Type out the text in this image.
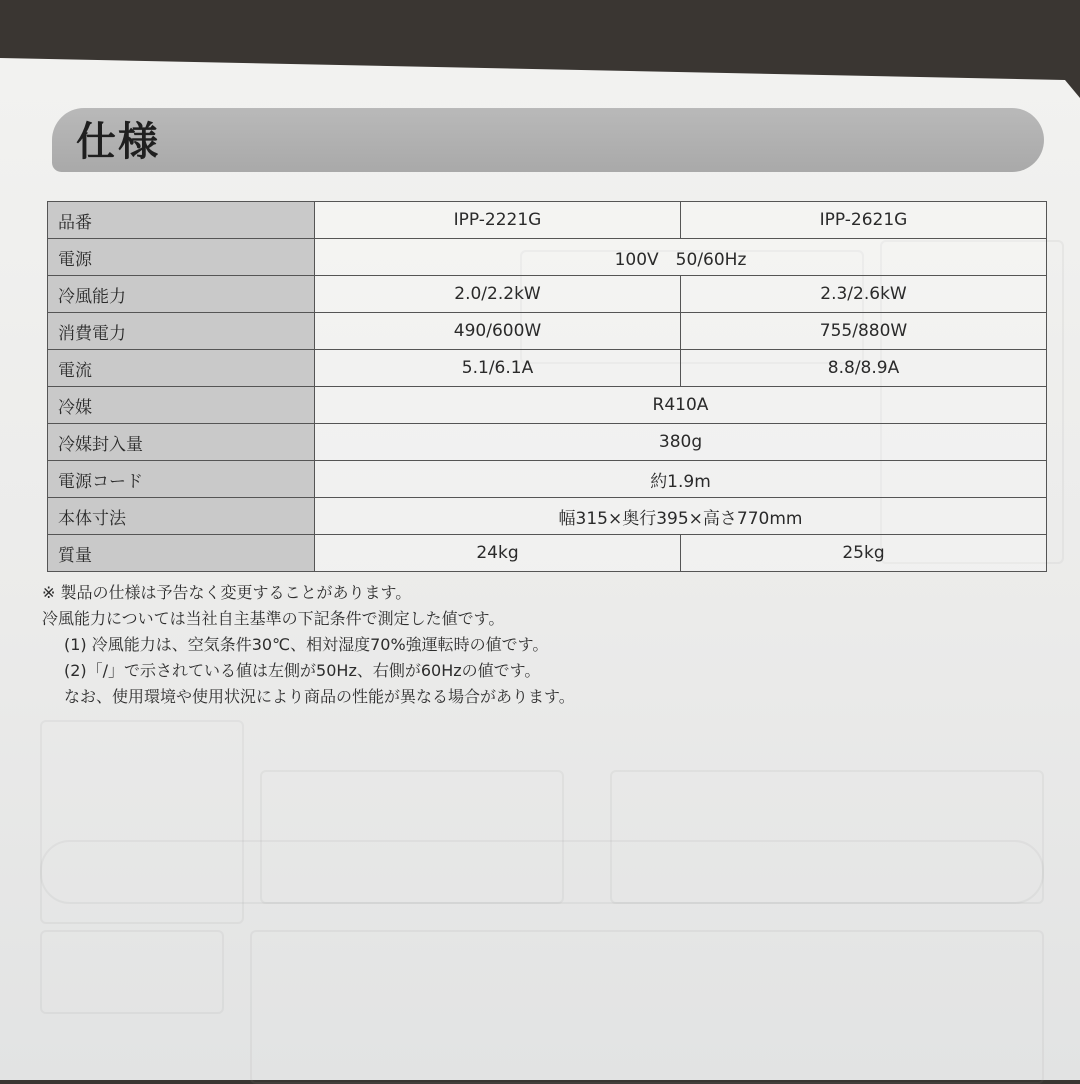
仕様
品番	IPP-2221G	IPP-2621G
電源	100V　50/60Hz	
冷風能力	2.0/2.2kW	2.3/2.6kW
消費電力	490/600W	755/880W
電流	5.1/6.1A	8.8/8.9A
冷媒	R410A	
冷媒封入量	380g	
電源コード	約1.9m	
本体寸法	幅315×奥行395×高さ770mm	
質量	24kg	25kg
※ 製品の仕様は予告なく変更することがあります。
冷風能力については当社自主基準の下記条件で測定した値です。
(1) 冷風能力は、空気条件30℃、相対湿度70%強運転時の値です。
(2)「/」で示されている値は左側が50Hz、右側が60Hzの値です。
なお、使用環境や使用状況により商品の性能が異なる場合があります。
